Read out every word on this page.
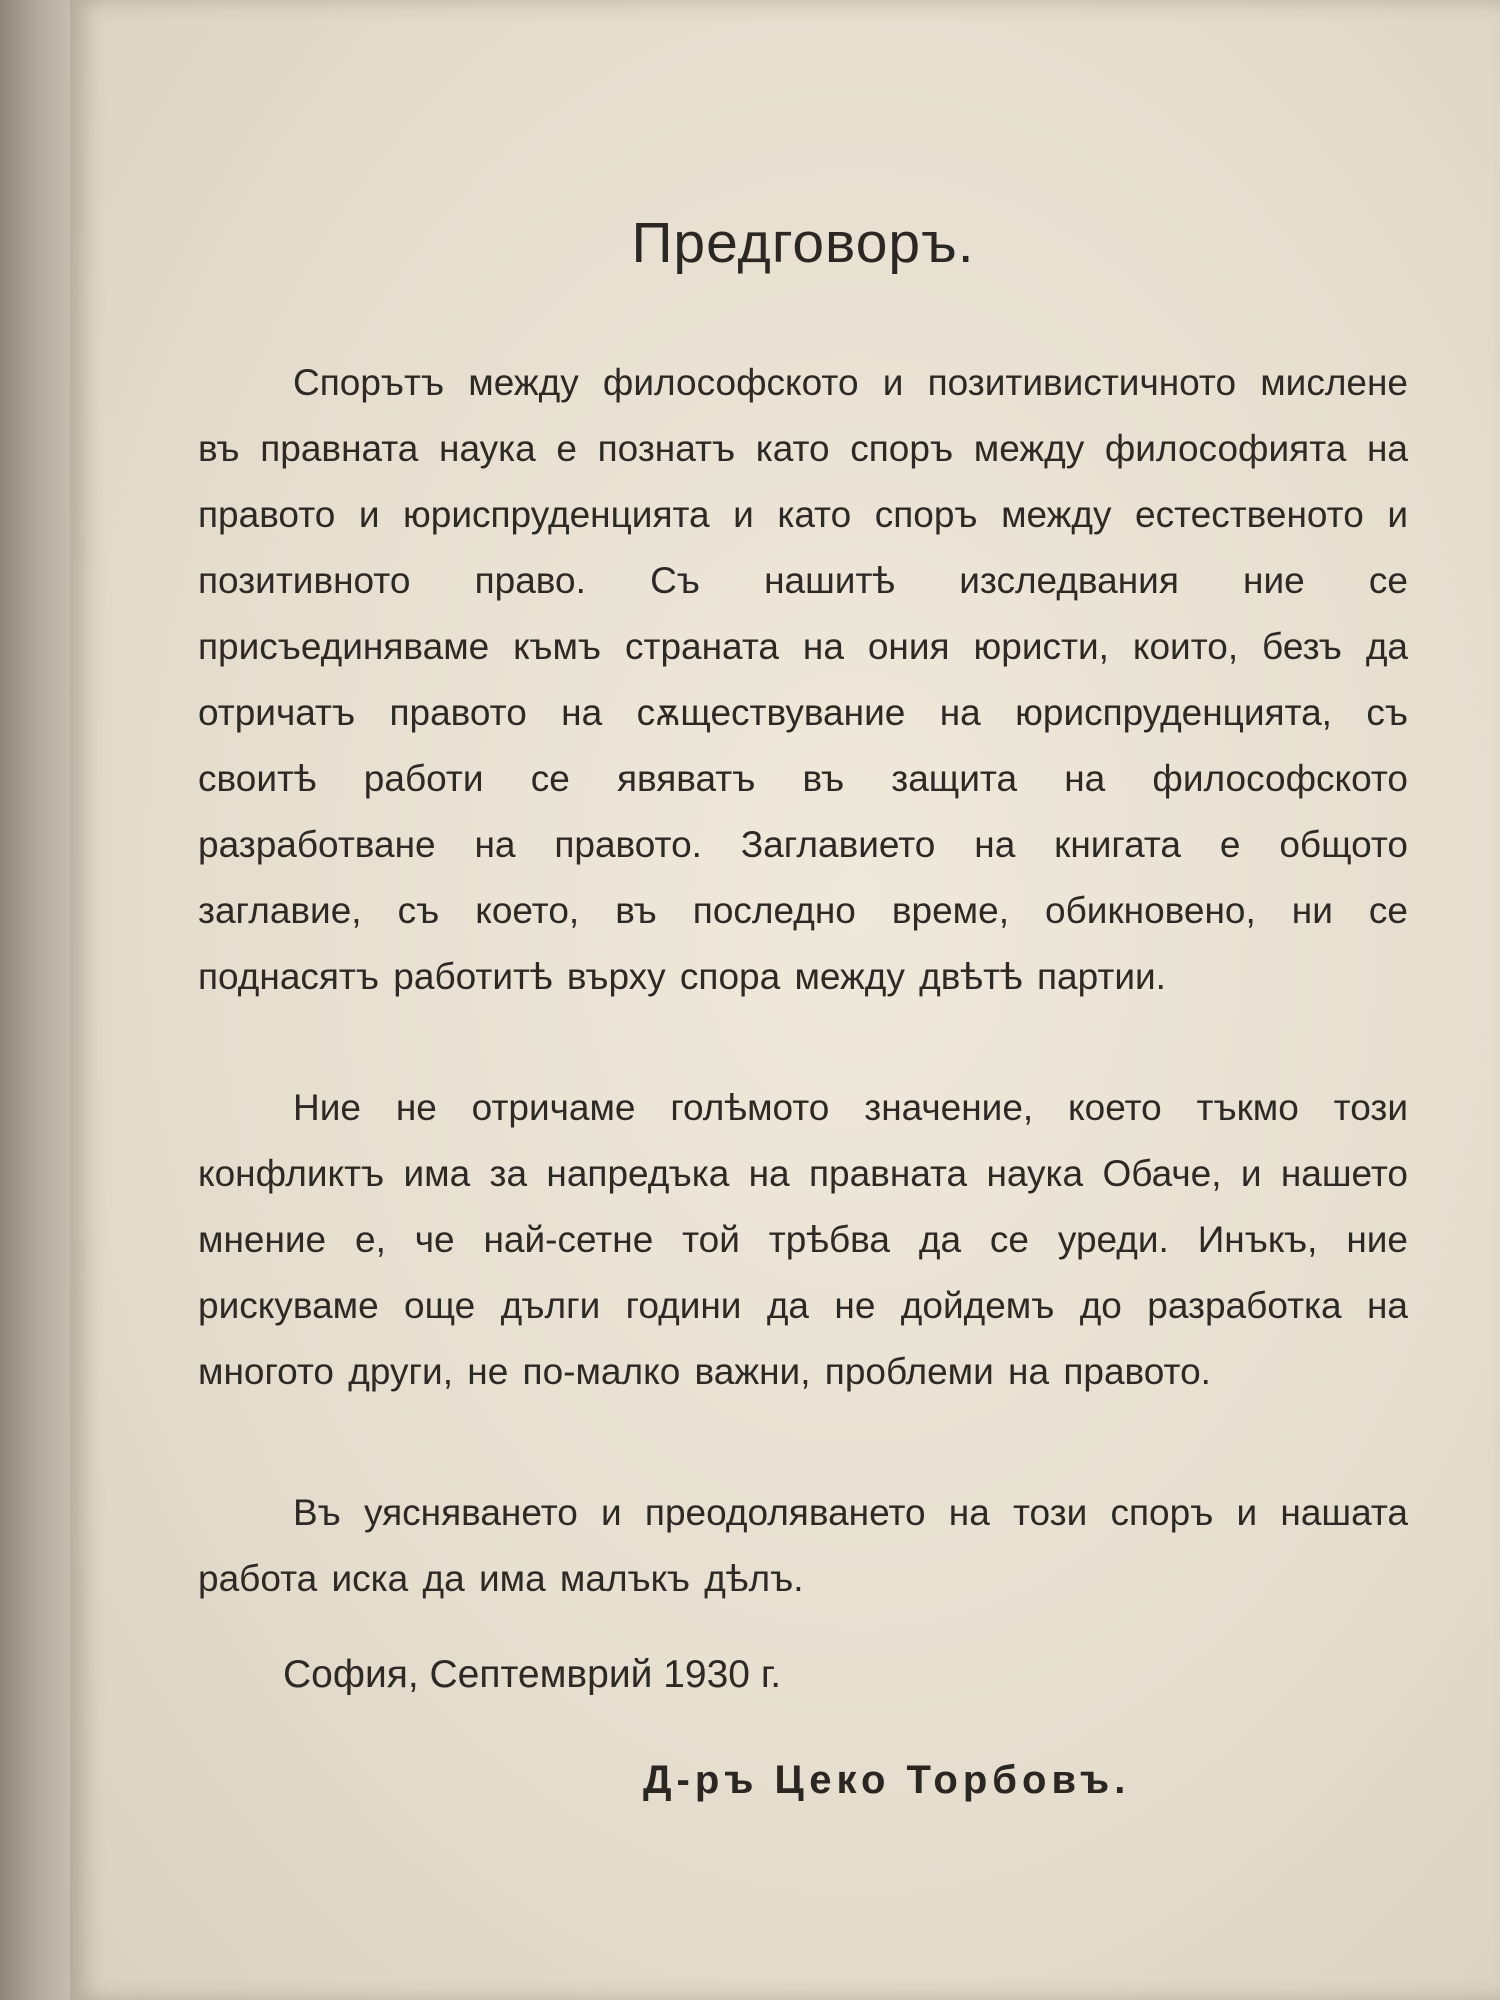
Предговоръ.

Спорътъ между философското и позитивистичното мислене въ правната наука е познатъ като споръ между философията на правото и юриспруденцията и като споръ между естественото и позитивното право. Съ нашитѣ изследвания ние се присъединяваме къмъ страната на ония юристи, които, безъ да отричатъ правото на сѫществувание на юриспруденцията, съ своитѣ работи се явяватъ въ защита на философското разработване на правото. Заглавието на книгата е общото заглавие, съ което, въ последно време, обикновено, ни се поднасятъ работитѣ върху спора между двѣтѣ партии.

Ние не отричаме голѣмото значение, което тъкмо този конфликтъ има за напредъка на правната наука Обаче, и нашето мнение е, че най-сетне той трѣбва да се уреди. Инъкъ, ние рискуваме още дълги години да не дойдемъ до разработка на многото други, не по-малко важни, проблеми на правото.

Въ уясняването и преодоляването на този споръ и нашата работа иска да има малъкъ дѣлъ.

София, Септемврий 1930 г.

Д-ръ Цеко Торбовъ.
